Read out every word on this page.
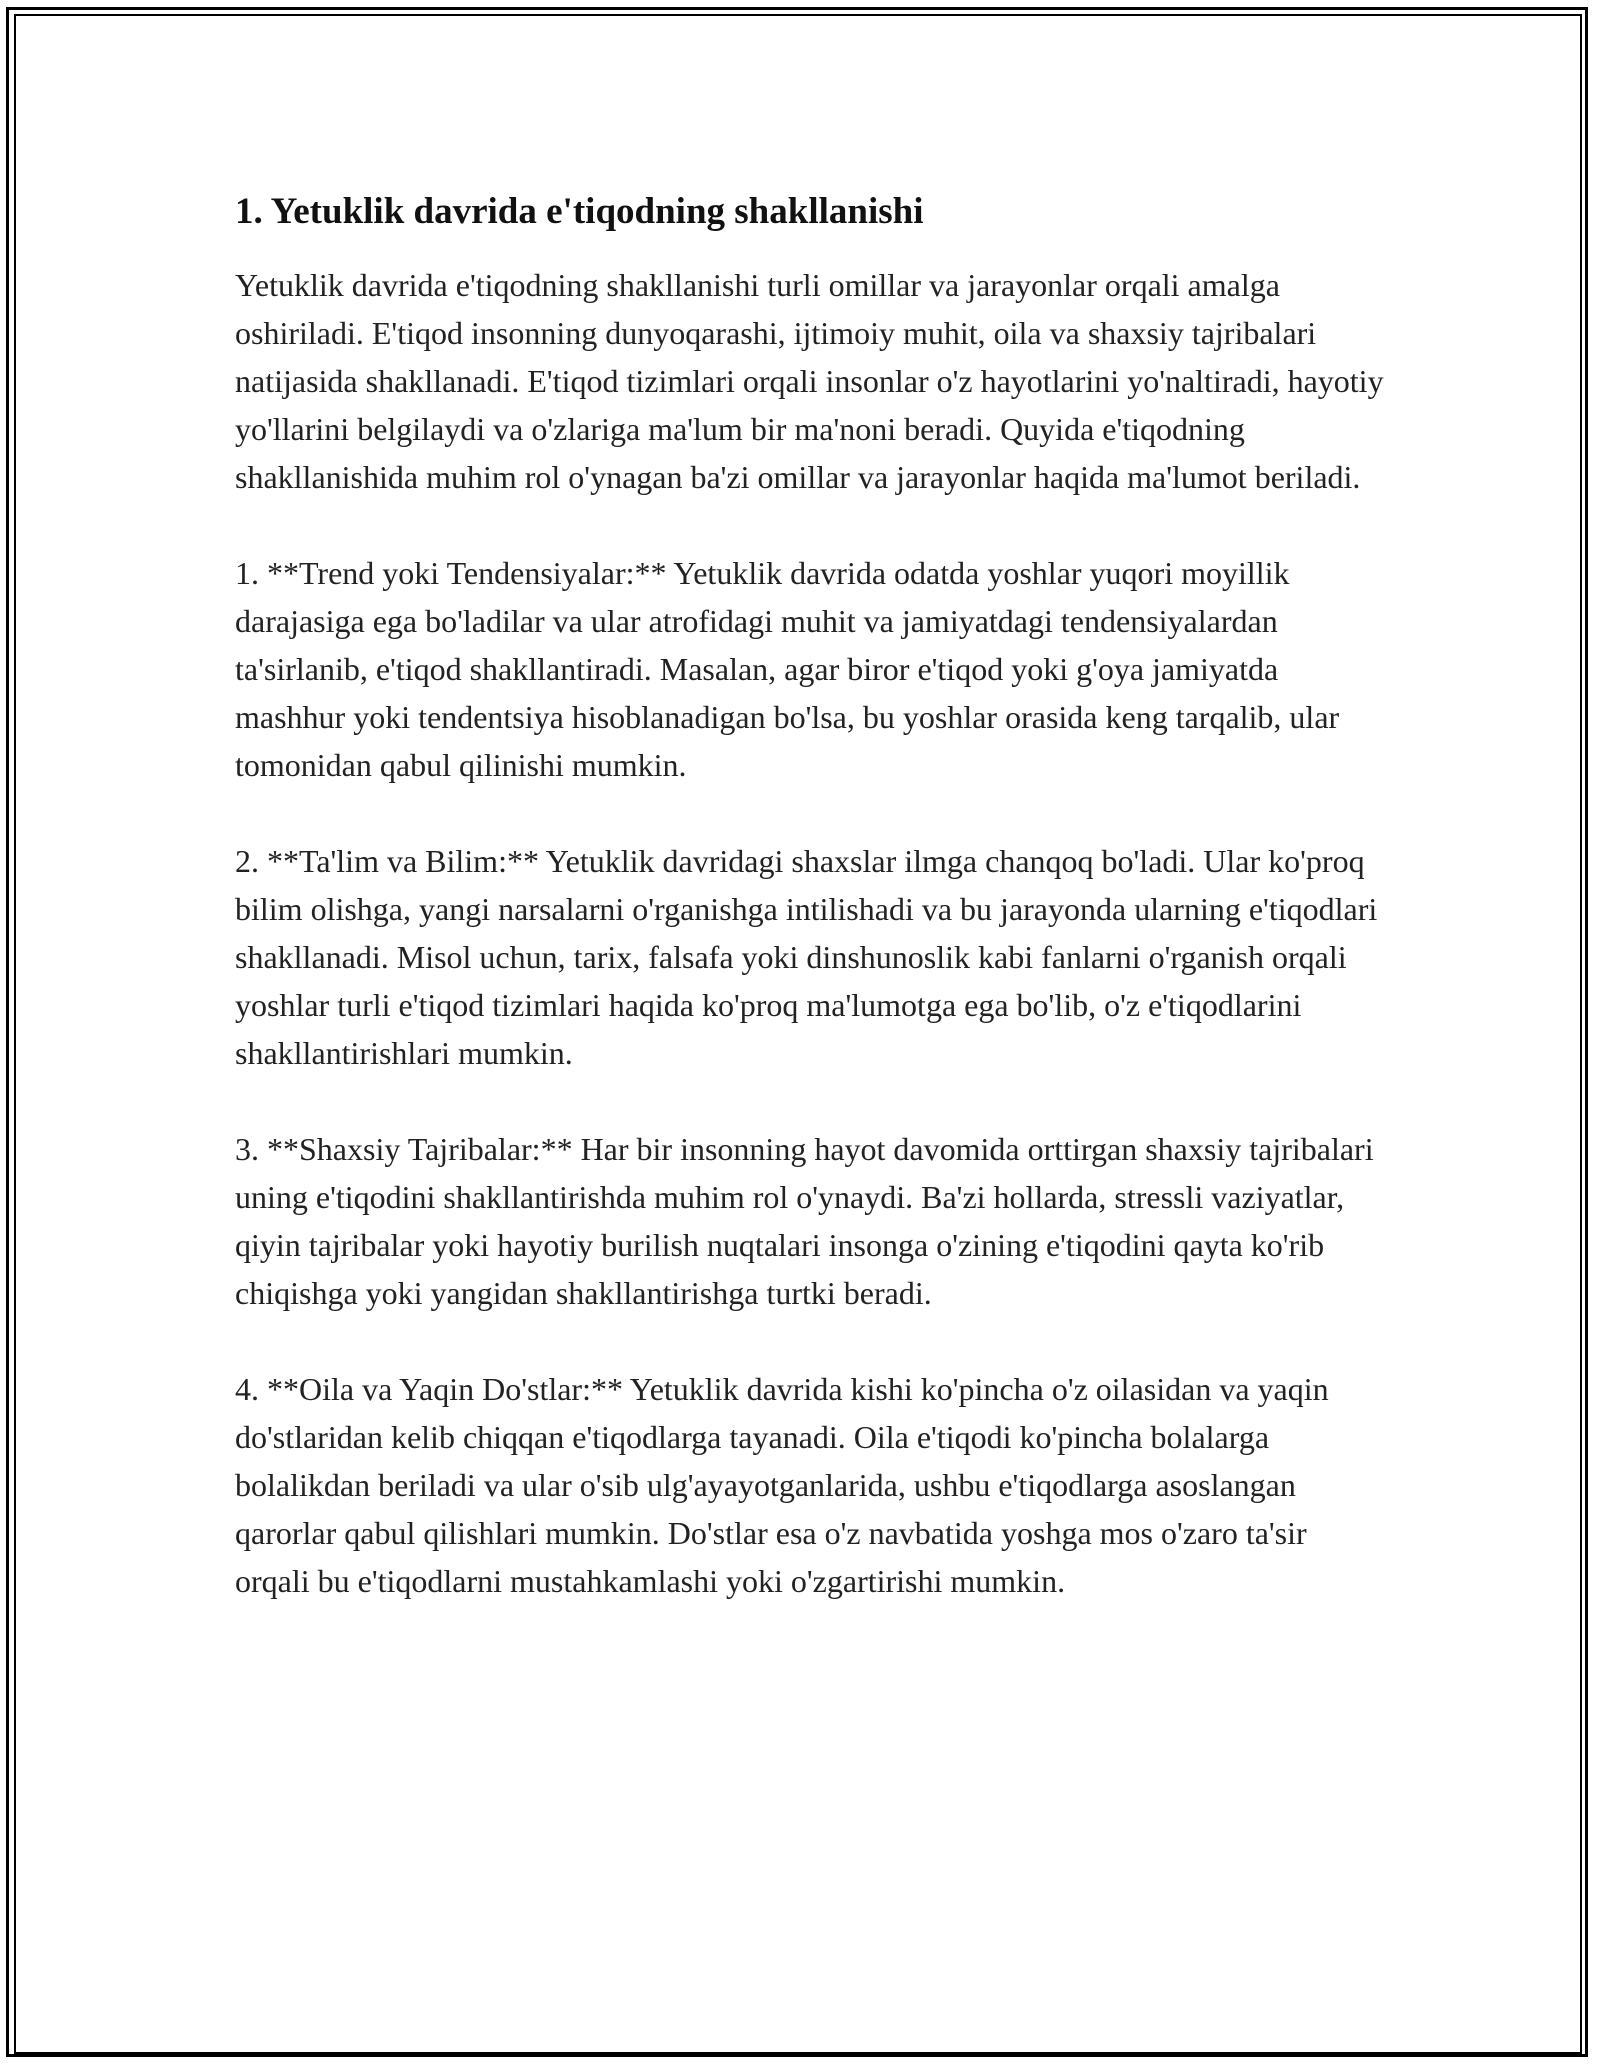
1. Yetuklik davrida e'tiqodning shakllanishi

Yetuklik davrida e'tiqodning shakllanishi turli omillar va jarayonlar orqali amalga oshiriladi. E'tiqod insonning dunyoqarashi, ijtimoiy muhit, oila va shaxsiy tajribalari natijasida shakllanadi. E'tiqod tizimlari orqali insonlar o'z hayotlarini yo'naltiradi, hayotiy yo'llarini belgilaydi va o'zlariga ma'lum bir ma'noni beradi. Quyida e'tiqodning shakllanishida muhim rol o'ynagan ba'zi omillar va jarayonlar haqida ma'lumot beriladi.

1. **Trend yoki Tendensiyalar:** Yetuklik davrida odatda yoshlar yuqori moyillik darajasiga ega bo'ladilar va ular atrofidagi muhit va jamiyatdagi tendensiyalardan ta'sirlanib, e'tiqod shakllantiradi. Masalan, agar biror e'tiqod yoki g'oya jamiyatda mashhur yoki tendentsiya hisoblanadigan bo'lsa, bu yoshlar orasida keng tarqalib, ular tomonidan qabul qilinishi mumkin.

2. **Ta'lim va Bilim:** Yetuklik davridagi shaxslar ilmga chanqoq bo'ladi. Ular ko'proq bilim olishga, yangi narsalarni o'rganishga intilishadi va bu jarayonda ularning e'tiqodlari shakllanadi. Misol uchun, tarix, falsafa yoki dinshunoslik kabi fanlarni o'rganish orqali yoshlar turli e'tiqod tizimlari haqida ko'proq ma'lumotga ega bo'lib, o'z e'tiqodlarini shakllantirishlari mumkin.

3. **Shaxsiy Tajribalar:** Har bir insonning hayot davomida orttirgan shaxsiy tajribalari uning e'tiqodini shakllantirishda muhim rol o'ynaydi. Ba'zi hollarda, stressli vaziyatlar, qiyin tajribalar yoki hayotiy burilish nuqtalari insonga o'zining e'tiqodini qayta ko'rib chiqishga yoki yangidan shakllantirishga turtki beradi.

4. **Oila va Yaqin Do'stlar:** Yetuklik davrida kishi ko'pincha o'z oilasidan va yaqin do'stlaridan kelib chiqqan e'tiqodlarga tayanadi. Oila e'tiqodi ko'pincha bolalarga bolalikdan beriladi va ular o'sib ulg'ayayotganlarida, ushbu e'tiqodlarga asoslangan qarorlar qabul qilishlari mumkin. Do'stlar esa o'z navbatida yoshga mos o'zaro ta'sir orqali bu e'tiqodlarni mustahkamlashi yoki o'zgartirishi mumkin.
